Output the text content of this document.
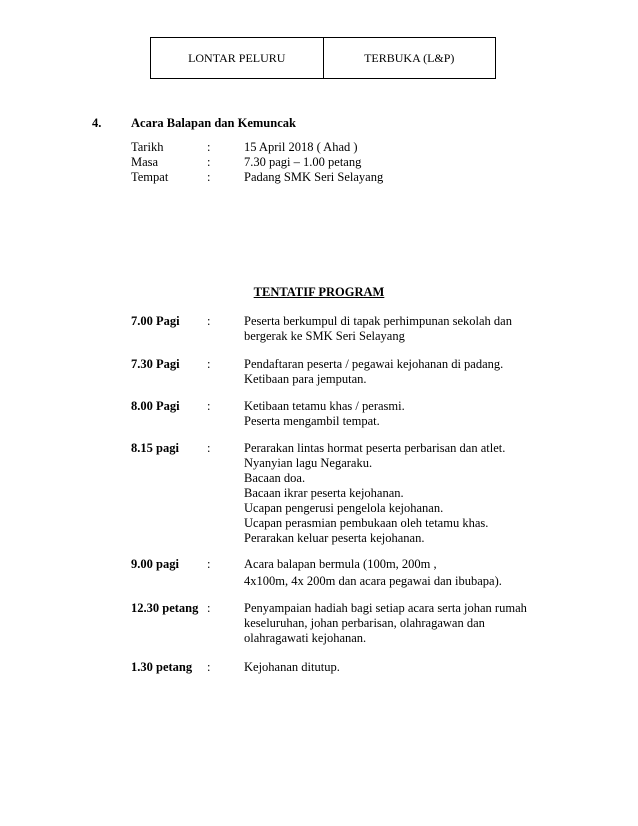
LONTAR PELURU	TERBUKA (L&P)
4. Acara Balapan dan Kemuncak
Tarikh	:	15 April 2018 ( Ahad )
Masa	:	7.30 pagi – 1.00 petang
Tempat	:	Padang SMK Seri Selayang
TENTATIF PROGRAM
7.00 Pagi :	Peserta berkumpul di tapak perhimpunan sekolah dan
bergerak ke SMK Seri Selayang
7.30 Pagi :	Pendaftaran peserta / pegawai kejohanan di padang.
Ketibaan para jemputan.
8.00 Pagi :	Ketibaan tetamu khas / perasmi.
Peserta mengambil tempat.
8.15 pagi :	Perarakan lintas hormat peserta perbarisan dan atlet.
Nyanyian lagu Negaraku.
Bacaan doa.
Bacaan ikrar peserta kejohanan.
Ucapan pengerusi pengelola kejohanan.
Ucapan perasmian pembukaan oleh tetamu khas.
Perarakan keluar peserta kejohanan.
9.00 pagi :	Acara balapan bermula (100m, 200m ,
4x100m, 4x 200m dan acara pegawai dan ibubapa).
12.30 petang :	Penyampaian hadiah bagi setiap acara serta johan rumah
keseluruhan, johan perbarisan, olahragawan dan
olahragawati kejohanan.
1.30 petang :	Kejohanan ditutup.
